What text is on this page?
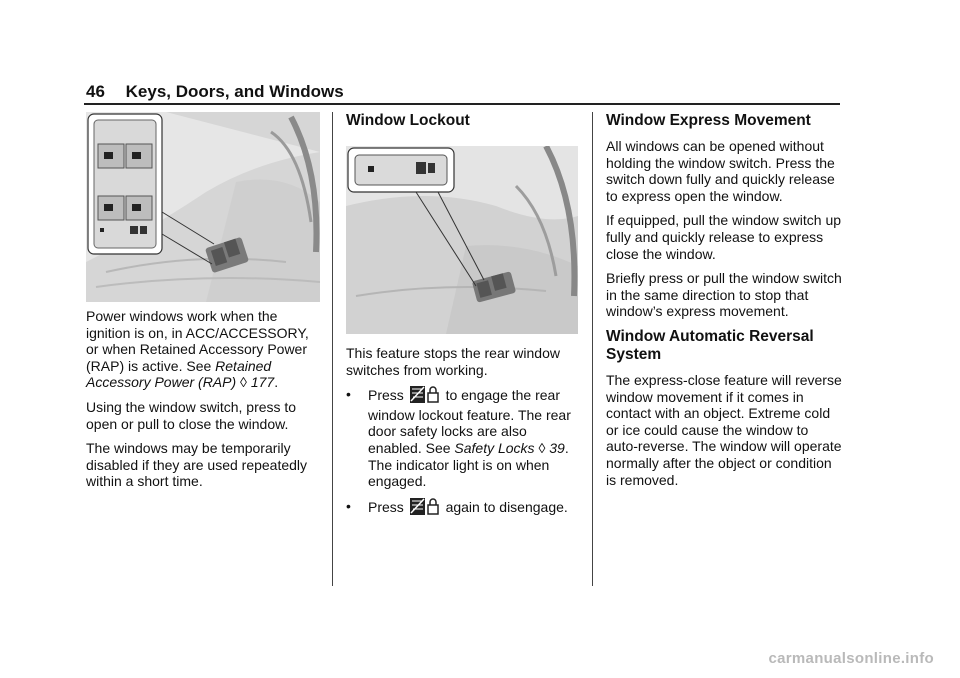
46 Keys, Doors, and Windows

Power windows work when the ignition is on, in ACC/ACCESSORY, or when Retained Accessory Power (RAP) is active. See Retained Accessory Power (RAP) ◊ 177.

Using the window switch, press to open or pull to close the window.

The windows may be temporarily disabled if they are used repeatedly within a short time.

Window Lockout

This feature stops the rear window switches from working.

• Press	to engage the rear window lockout feature. The rear door safety locks are also enabled. See Safety Locks ◊ 39. The indicator light is on when engaged.
• Press	again to disengage.
Window Express Movement

All windows can be opened without holding the window switch. Press the switch down fully and quickly release to express open the window.

If equipped, pull the window switch up fully and quickly release to express close the window.

Briefly press or pull the window switch in the same direction to stop that window’s express movement.

Window Automatic Reversal System

The express-close feature will reverse window movement if it comes in contact with an object. Extreme cold or ice could cause the window to auto-reverse. The window will operate normally after the object or condition is removed.

carmanualsonline.info
